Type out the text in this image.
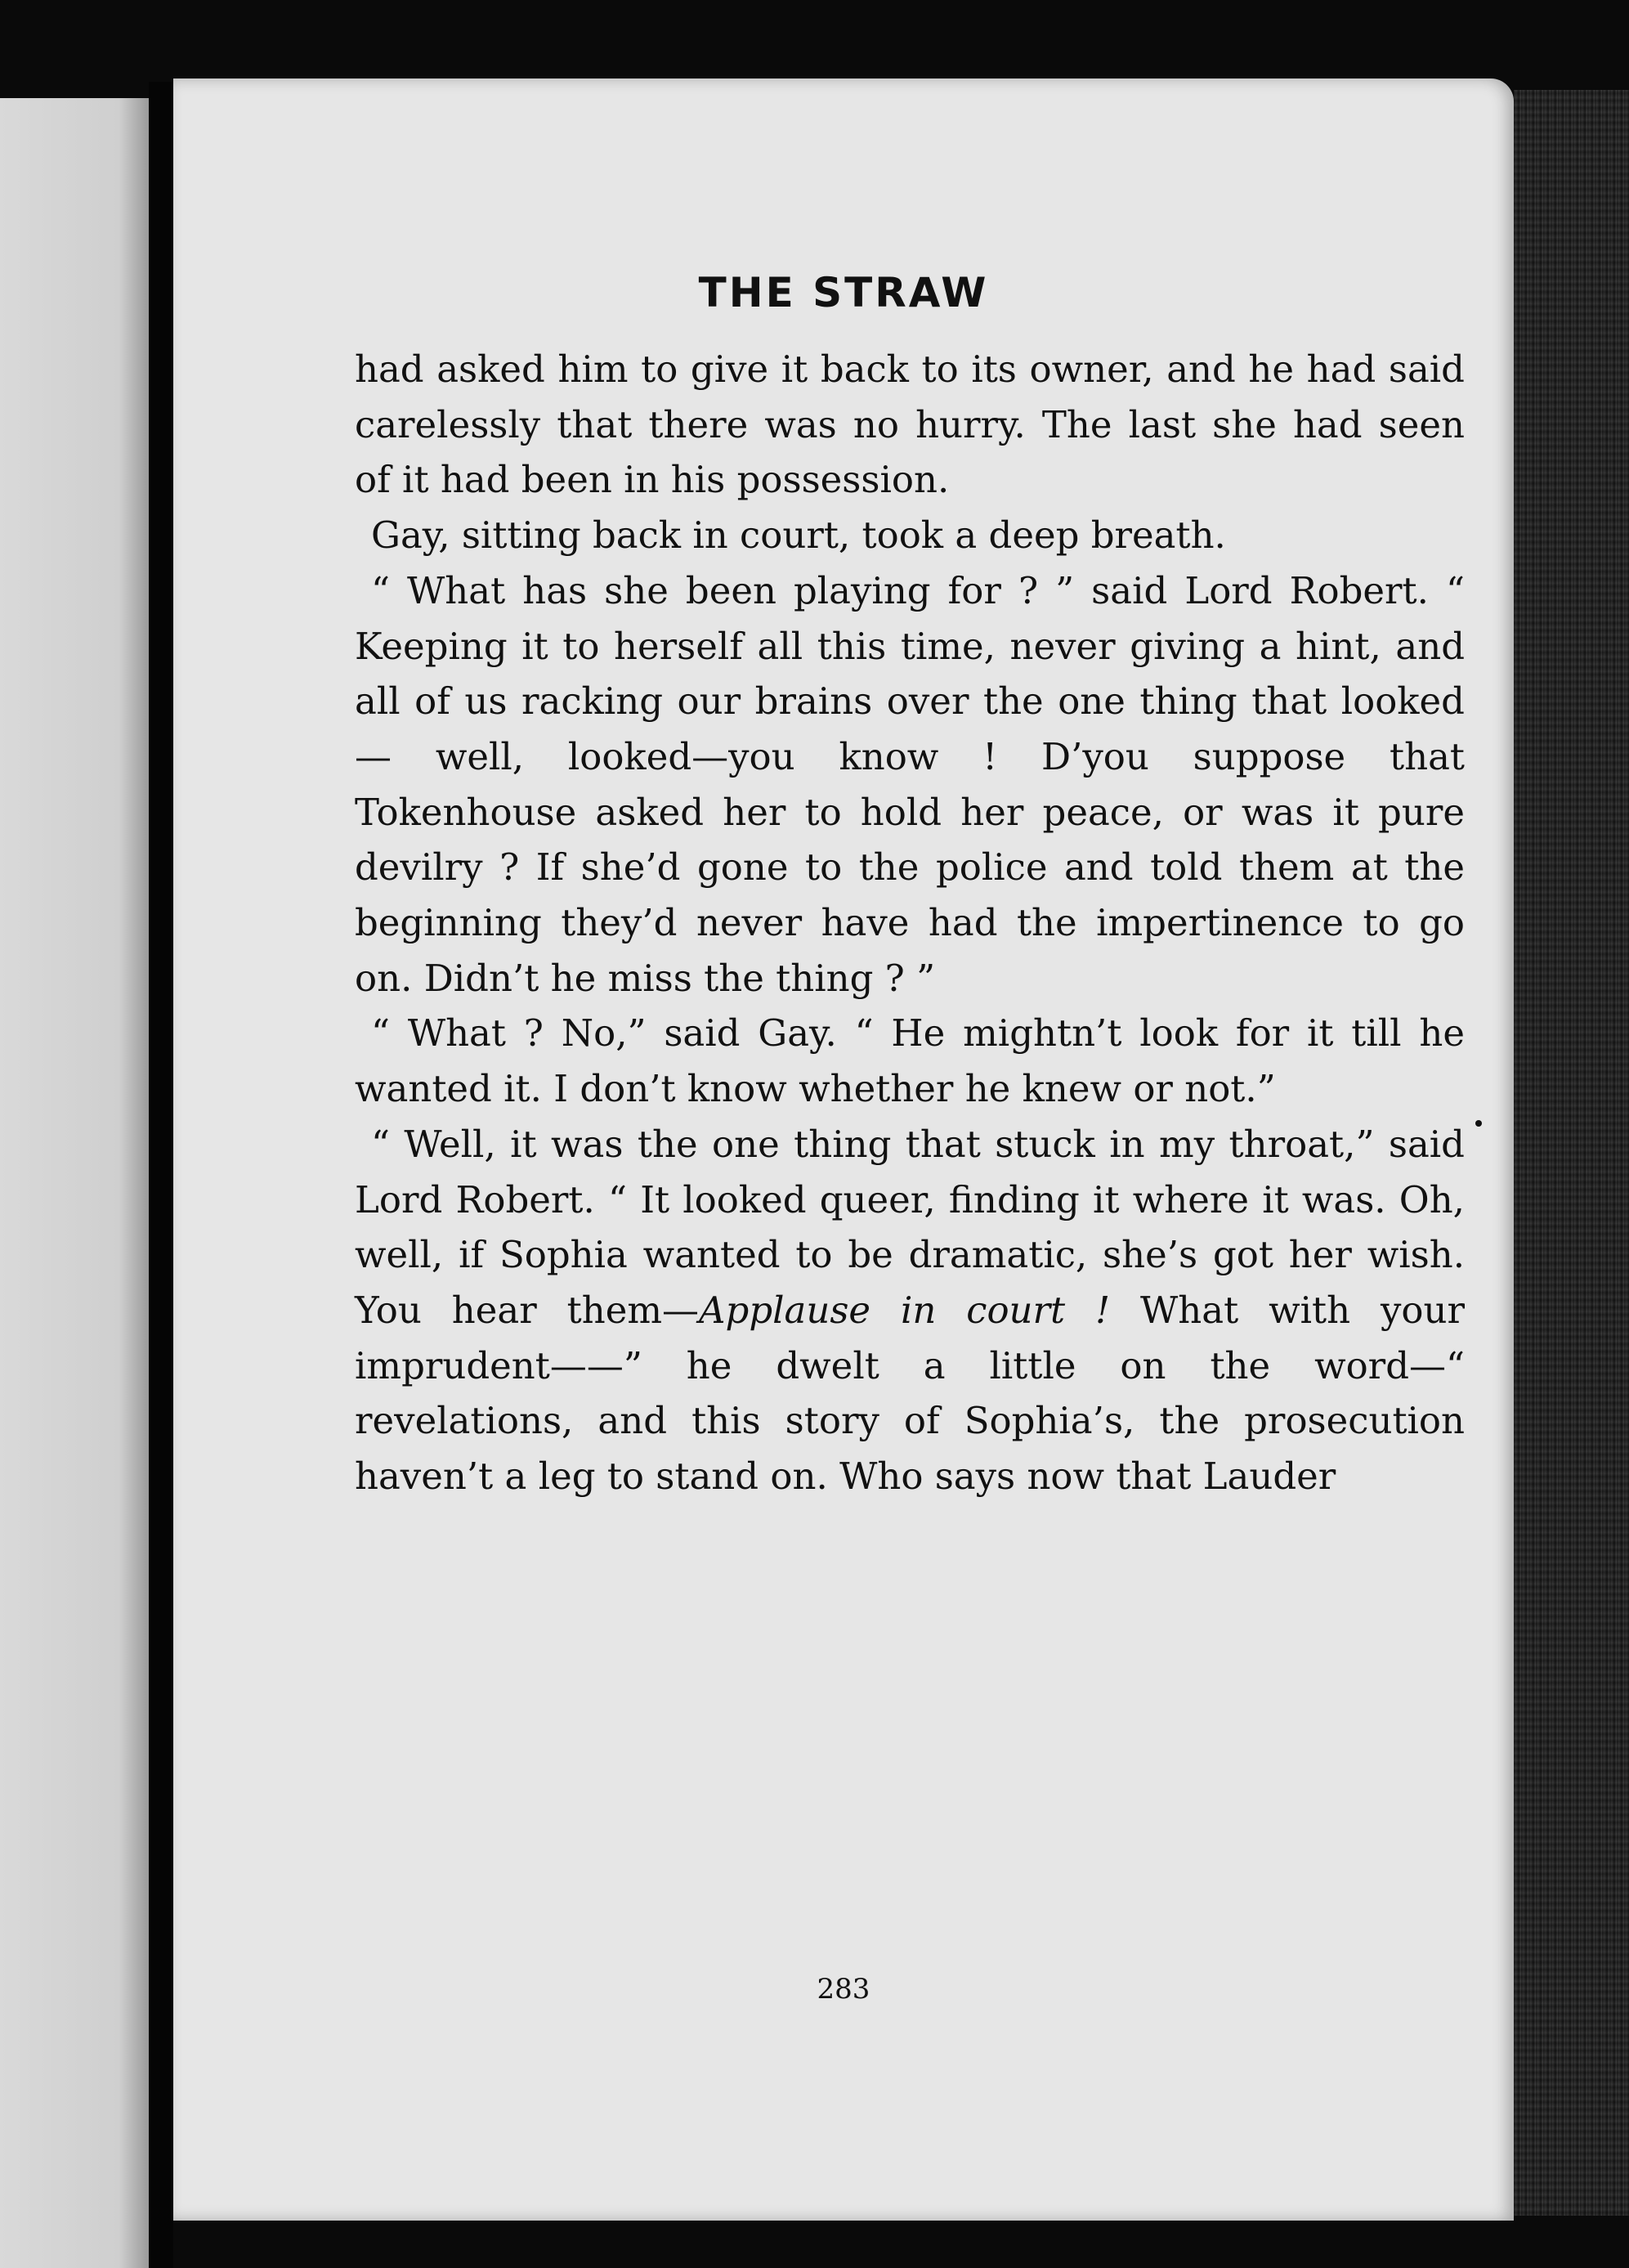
THE STRAW

had asked him to give it back to its owner, and he had said carelessly that there was no hurry. The last she had seen of it had been in his possession.

Gay, sitting back in court, took a deep breath.

“ What has she been playing for ? ” said Lord Robert. “ Keeping it to herself all this time, never giving a hint, and all of us racking our brains over the one thing that looked— well, looked—you know ! D’you suppose that Tokenhouse asked her to hold her peace, or was it pure devilry ? If she’d gone to the police and told them at the beginning they’d never have had the impertinence to go on. Didn’t he miss the thing ? ”

“ What ? No,” said Gay. “ He mightn’t look for it till he wanted it. I don’t know whether he knew or not.”

“ Well, it was the one thing that stuck in my throat,” said Lord Robert. “ It looked queer, finding it where it was. Oh, well, if Sophia wanted to be dramatic, she’s got her wish. You hear them—Applause in court ! What with your imprudent——” he dwelt a little on the word—“ revelations, and this story of Sophia’s, the prosecution haven’t a leg to stand on. Who says now that Lauder

283
